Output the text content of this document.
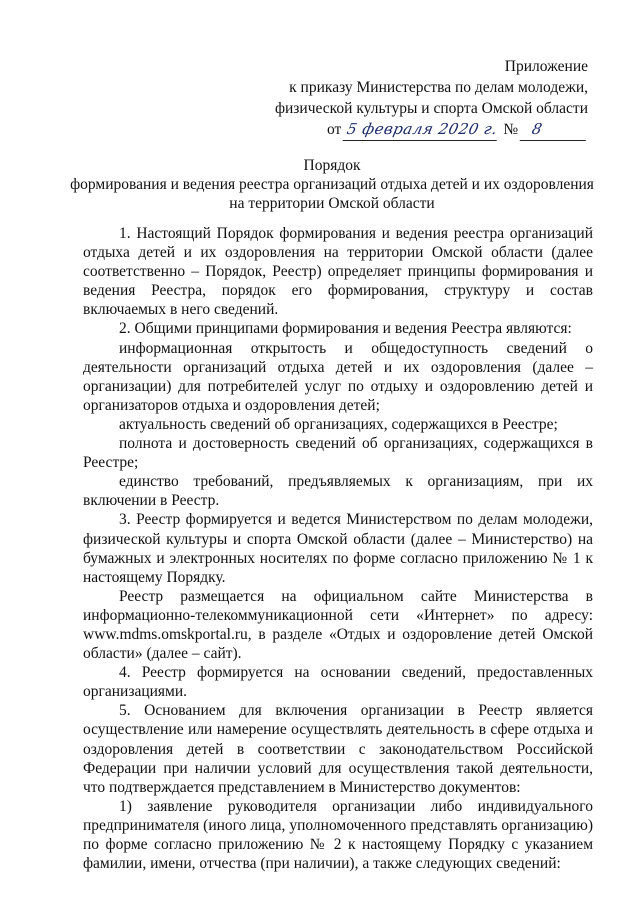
Приложение
к приказу Министерства по делам молодежи,
физической культуры и спорта Омской области
от 5 февраля 2020 г. № 8
Порядок
формирования и ведения реестра организаций отдыха детей и их оздоровления
на территории Омской области

1. Настоящий Порядок формирования и ведения реестра организаций отдыха детей и их оздоровления на территории Омской области (далее соответственно – Порядок, Реестр) определяет принципы формирования и ведения Реестра, порядок его формирования, структуру и состав включаемых в него сведений.

2. Общими принципами формирования и ведения Реестра являются:

информационная открытость и общедоступность сведений о деятельности организаций отдыха детей и их оздоровления (далее – организации) для потребителей услуг по отдыху и оздоровлению детей и организаторов отдыха и оздоровления детей;

актуальность сведений об организациях, содержащихся в Реестре;

полнота и достоверность сведений об организациях, содержащихся в Реестре;

единство требований, предъявляемых к организациям, при их включении в Реестр.

3. Реестр формируется и ведется Министерством по делам молодежи, физической культуры и спорта Омской области (далее – Министерство) на бумажных и электронных носителях по форме согласно приложению № 1 к настоящему Порядку.

Реестр размещается на официальном сайте Министерства в информационно-телекоммуникационной сети «Интернет» по адресу: www.mdms.omskportal.ru, в разделе «Отдых и оздоровление детей Омской области» (далее – сайт).

4. Реестр формируется на основании сведений, предоставленных организациями.

5. Основанием для включения организации в Реестр является осуществление или намерение осуществлять деятельность в сфере отдыха и оздоровления детей в соответствии с законодательством Российской Федерации при наличии условий для осуществления такой деятельности, что подтверждается представлением в Министерство документов:

1) заявление руководителя организации либо индивидуального предпринимателя (иного лица, уполномоченного представлять организацию) по форме согласно приложению № 2 к настоящему Порядку с указанием фамилии, имени, отчества (при наличии), а также следующих сведений:
